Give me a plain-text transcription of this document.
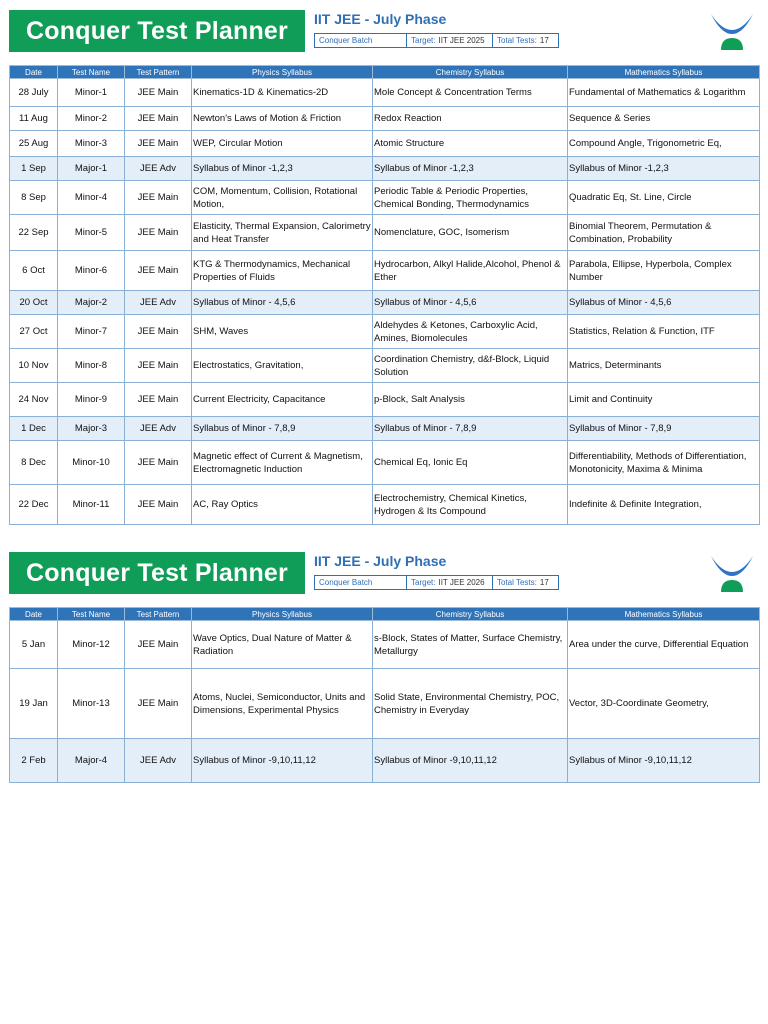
Conquer Test Planner	IIT JEE - July Phase
Conquer Batch	Target: IIT JEE 2025 Total Tests: 17
Date	Test Name	Test Pattern	Physics Syllabus	Chemistry Syllabus	Mathematics Syllabus
28 July	Minor-1	JEE Main	Kinematics-1D & Kinematics-2D	Mole Concept & Concentration Terms	Fundamental of Mathematics & Logarithm
11 Aug	Minor-2	JEE Main	Newton's Laws of Motion & Friction	Redox Reaction	Sequence & Series
25 Aug	Minor-3	JEE Main	WEP, Circular Motion	Atomic Structure	Compound Angle, Trigonometric Eq,
1 Sep	Major-1	JEE Adv	Syllabus of Minor -1,2,3	Syllabus of Minor -1,2,3	Syllabus of Minor -1,2,3
8 Sep	Minor-4	JEE Main	COM, Momentum, Collision, Rotational Motion,	Periodic Table & Periodic Properties, Chemical Bonding, Thermodynamics	Quadratic Eq, St. Line, Circle
22 Sep	Minor-5	JEE Main	Elasticity, Thermal Expansion, Calorimetry and Heat Transfer	Nomenclature, GOC, Isomerism	Binomial Theorem, Permutation & Combination, Probability
6 Oct	Minor-6	JEE Main	KTG & Thermodynamics, Mechanical Properties of Fluids	Hydrocarbon, Alkyl Halide,Alcohol, Phenol & Ether	Parabola, Ellipse, Hyperbola, Complex Number
20 Oct	Major-2	JEE Adv	Syllabus of Minor - 4,5,6	Syllabus of Minor - 4,5,6	Syllabus of Minor - 4,5,6
27 Oct	Minor-7	JEE Main	SHM, Waves	Aldehydes & Ketones, Carboxylic Acid, Amines, Biomolecules	Statistics, Relation & Function, ITF
10 Nov	Minor-8	JEE Main	Electrostatics, Gravitation,	Coordination Chemistry, d&f-Block, Liquid Solution	Matrics, Determinants
24 Nov	Minor-9	JEE Main	Current Electricity, Capacitance	p-Block, Salt Analysis	Limit and Continuity
1 Dec	Major-3	JEE Adv	Syllabus of Minor - 7,8,9	Syllabus of Minor - 7,8,9	Syllabus of Minor - 7,8,9
8 Dec	Minor-10	JEE Main	Magnetic effect of Current & Magnetism, Electromagnetic Induction	Chemical Eq, Ionic Eq	Differentiability, Methods of Differentiation, Monotonicity, Maxima & Minima
22 Dec	Minor-11	JEE Main	AC, Ray Optics	Electrochemistry, Chemical Kinetics, Hydrogen & Its Compound	Indefinite & Definite Integration,
Conquer Test Planner	IIT JEE - July Phase
Conquer Batch	Target: IIT JEE 2026 Total Tests: 17
Date	Test Name	Test Pattern	Physics Syllabus	Chemistry Syllabus	Mathematics Syllabus
5 Jan	Minor-12	JEE Main	Wave Optics, Dual Nature of Matter & Radiation	s-Block, States of Matter, Surface Chemistry, Metallurgy	Area under the curve, Differential Equation
19 Jan	Minor-13	JEE Main	Atoms, Nuclei, Semiconductor, Units and Dimensions, Experimental Physics	Solid State, Environmental Chemistry, POC, Chemistry in Everyday	Vector, 3D-Coordinate Geometry,
2 Feb	Major-4	JEE Adv	Syllabus of Minor -9,10,11,12	Syllabus of Minor -9,10,11,12	Syllabus of Minor -9,10,11,12
